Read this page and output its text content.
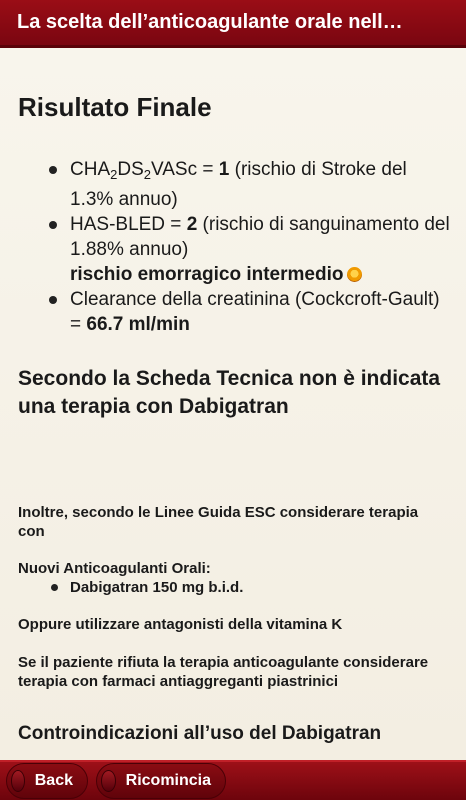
La scelta dell’anticoagulante orale nell…
Risultato Finale
$CHA_2DS_2VASc = 1$ (rischio di Stroke del 1.3% annuo)
HAS-BLED = 2 (rischio di sanguinamento del 1.88% annuo)
rischio emorragico intermedio
Clearance della creatinina (Cockcroft-Gault) = 66.7 ml/min
Secondo la Scheda Tecnica non è indicata una terapia con Dabigatran

Inoltre, secondo le Linee Guida ESC considerare terapia con

Nuovi Anticoagulanti Orali:

Dabigatran 150 mg b.i.d.

Oppure utilizzare antagonisti della vitamina K

Se il paziente rifiuta la terapia anticoagulante considerare terapia con farmaci antiaggreganti piastrinici

Controindicazioni all’uso del Dabigatran
Back	Ricomincia
